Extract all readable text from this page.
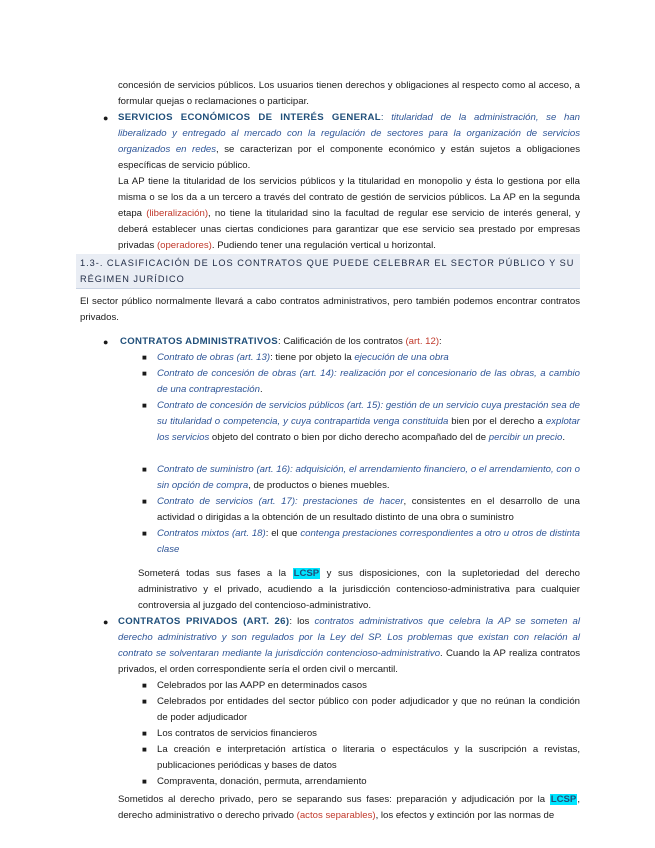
concesión de servicios públicos. Los usuarios tienen derechos y obligaciones al respecto como al acceso, a formular quejas o reclamaciones o participar.
● SERVICIOS ECONÓMICOS DE INTERÉS GENERAL: titularidad de la administración, se han liberalizado y entregado al mercado con la regulación de sectores para la organización de servicios organizados en redes, se caracterizan por el componente económico y están sujetos a obligaciones específicas de servicio público.
La AP tiene la titularidad de los servicios públicos y la titularidad en monopolio y ésta lo gestiona por ella misma o se los da a un tercero a través del contrato de gestión de servicios públicos. La AP en la segunda etapa (liberalización), no tiene la titularidad sino la facultad de regular ese servicio de interés general, y deberá establecer unas ciertas condiciones para garantizar que ese servicio sea prestado por empresas privadas (operadores). Pudiendo tener una regulación vertical u horizontal.
1.3-. CLASIFICACIÓN DE LOS CONTRATOS QUE PUEDE CELEBRAR EL SECTOR PÚBLICO Y SU RÉGIMEN JURÍDICO
El sector público normalmente llevará a cabo contratos administrativos, pero también podemos encontrar contratos privados.
● CONTRATOS ADMINISTRATIVOS: Calificación de los contratos (art. 12):
■ Contrato de obras (art. 13): tiene por objeto la ejecución de una obra
■ Contrato de concesión de obras (art. 14): realización por el concesionario de las obras, a cambio de una contraprestación.
■ Contrato de concesión de servicios públicos (art. 15): gestión de un servicio cuya prestación sea de su titularidad o competencia, y cuya contrapartida venga constituida bien por el derecho a explotar los servicios objeto del contrato o bien por dicho derecho acompañado del de percibir un precio.
■ Contrato de suministro (art. 16): adquisición, el arrendamiento financiero, o el arrendamiento, con o sin opción de compra, de productos o bienes muebles.
■ Contrato de servicios (art. 17): prestaciones de hacer, consistentes en el desarrollo de una actividad o dirigidas a la obtención de un resultado distinto de una obra o suministro
■ Contratos mixtos (art. 18): el que contenga prestaciones correspondientes a otro u otros de distinta clase
Someterá todas sus fases a la LCSP y sus disposiciones, con la supletoriedad del derecho administrativo y el privado, acudiendo a la jurisdicción contencioso-administrativa para cualquier controversia al juzgado del contencioso-administrativo.
● CONTRATOS PRIVADOS (ART. 26): los contratos administrativos que celebra la AP se someten al derecho administrativo y son regulados por la Ley del SP. Los problemas que existan con relación al contrato se solventaran mediante la jurisdicción contencioso-administrativo. Cuando la AP realiza contratos privados, el orden correspondiente sería el orden civil o mercantil.
■ Celebrados por las AAPP en determinados casos
■ Celebrados por entidades del sector público con poder adjudicador y que no reúnan la condición de poder adjudicador
■ Los contratos de servicios financieros
■ La creación e interpretación artística o literaria o espectáculos y la suscripción a revistas, publicaciones periódicas y bases de datos
■ Compraventa, donación, permuta, arrendamiento
Sometidos al derecho privado, pero se separando sus fases: preparación y adjudicación por la LCSP, derecho administrativo o derecho privado (actos separables), los efectos y extinción por las normas de
